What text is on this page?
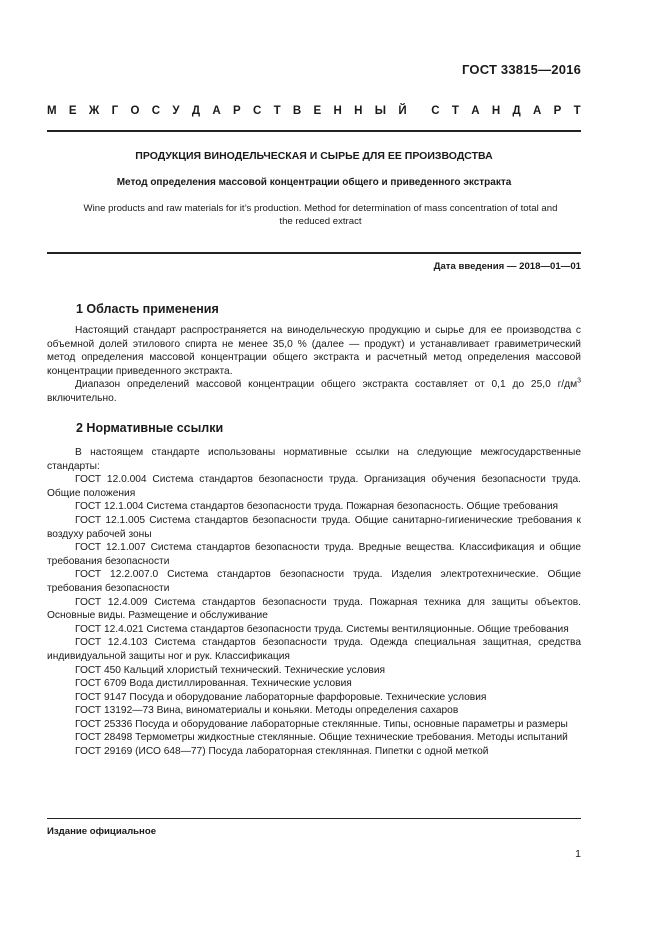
ГОСТ 33815—2016
М Е Ж Г О С У Д А Р С Т В Е Н Н Ы Й С Т А Н Д А Р Т
ПРОДУКЦИЯ ВИНОДЕЛЬЧЕСКАЯ И СЫРЬЕ ДЛЯ ЕЕ ПРОИЗВОДСТВА
Метод определения массовой концентрации общего и приведенного экстракта
Wine products and raw materials for it’s production. Method for determination of mass concentration of total and the reduced extract
Дата введения — 2018—01—01
1 Область применения

Настоящий стандарт распространяется на винодельческую продукцию и сырье для ее производства с объемной долей этилового спирта не менее 35,0 % (далее — продукт) и устанавливает гравиметрический метод определения массовой концентрации общего экстракта и расчетный метод определения массовой концентрации приведенного экстракта.

Диапазон определений массовой концентрации общего экстракта составляет от 0,1 до 25,0 $г/дм^3$ включительно.

2 Нормативные ссылки

В настоящем стандарте использованы нормативные ссылки на следующие межгосударственные стандарты:

ГОСТ 12.0.004 Система стандартов безопасности труда. Организация обучения безопасности труда. Общие положения

ГОСТ 12.1.004 Система стандартов безопасности труда. Пожарная безопасность. Общие требования

ГОСТ 12.1.005 Система стандартов безопасности труда. Общие санитарно-гигиенические требования к воздуху рабочей зоны

ГОСТ 12.1.007 Система стандартов безопасности труда. Вредные вещества. Классификация и общие требования безопасности

ГОСТ 12.2.007.0 Система стандартов безопасности труда. Изделия электротехнические. Общие требования безопасности

ГОСТ 12.4.009 Система стандартов безопасности труда. Пожарная техника для защиты объектов. Основные виды. Размещение и обслуживание

ГОСТ 12.4.021 Система стандартов безопасности труда. Системы вентиляционные. Общие требования

ГОСТ 12.4.103 Система стандартов безопасности труда. Одежда специальная защитная, средства индивидуальной защиты ног и рук. Классификация

ГОСТ 450 Кальций хлористый технический. Технические условия

ГОСТ 6709 Вода дистиллированная. Технические условия

ГОСТ 9147 Посуда и оборудование лабораторные фарфоровые. Технические условия

ГОСТ 13192—73 Вина, виноматериалы и коньяки. Методы определения сахаров

ГОСТ 25336 Посуда и оборудование лабораторные стеклянные. Типы, основные параметры и размеры

ГОСТ 28498 Термометры жидкостные стеклянные. Общие технические требования. Методы испытаний

ГОСТ 29169 (ИСО 648—77) Посуда лабораторная стеклянная. Пипетки с одной меткой

Издание официальное
1
